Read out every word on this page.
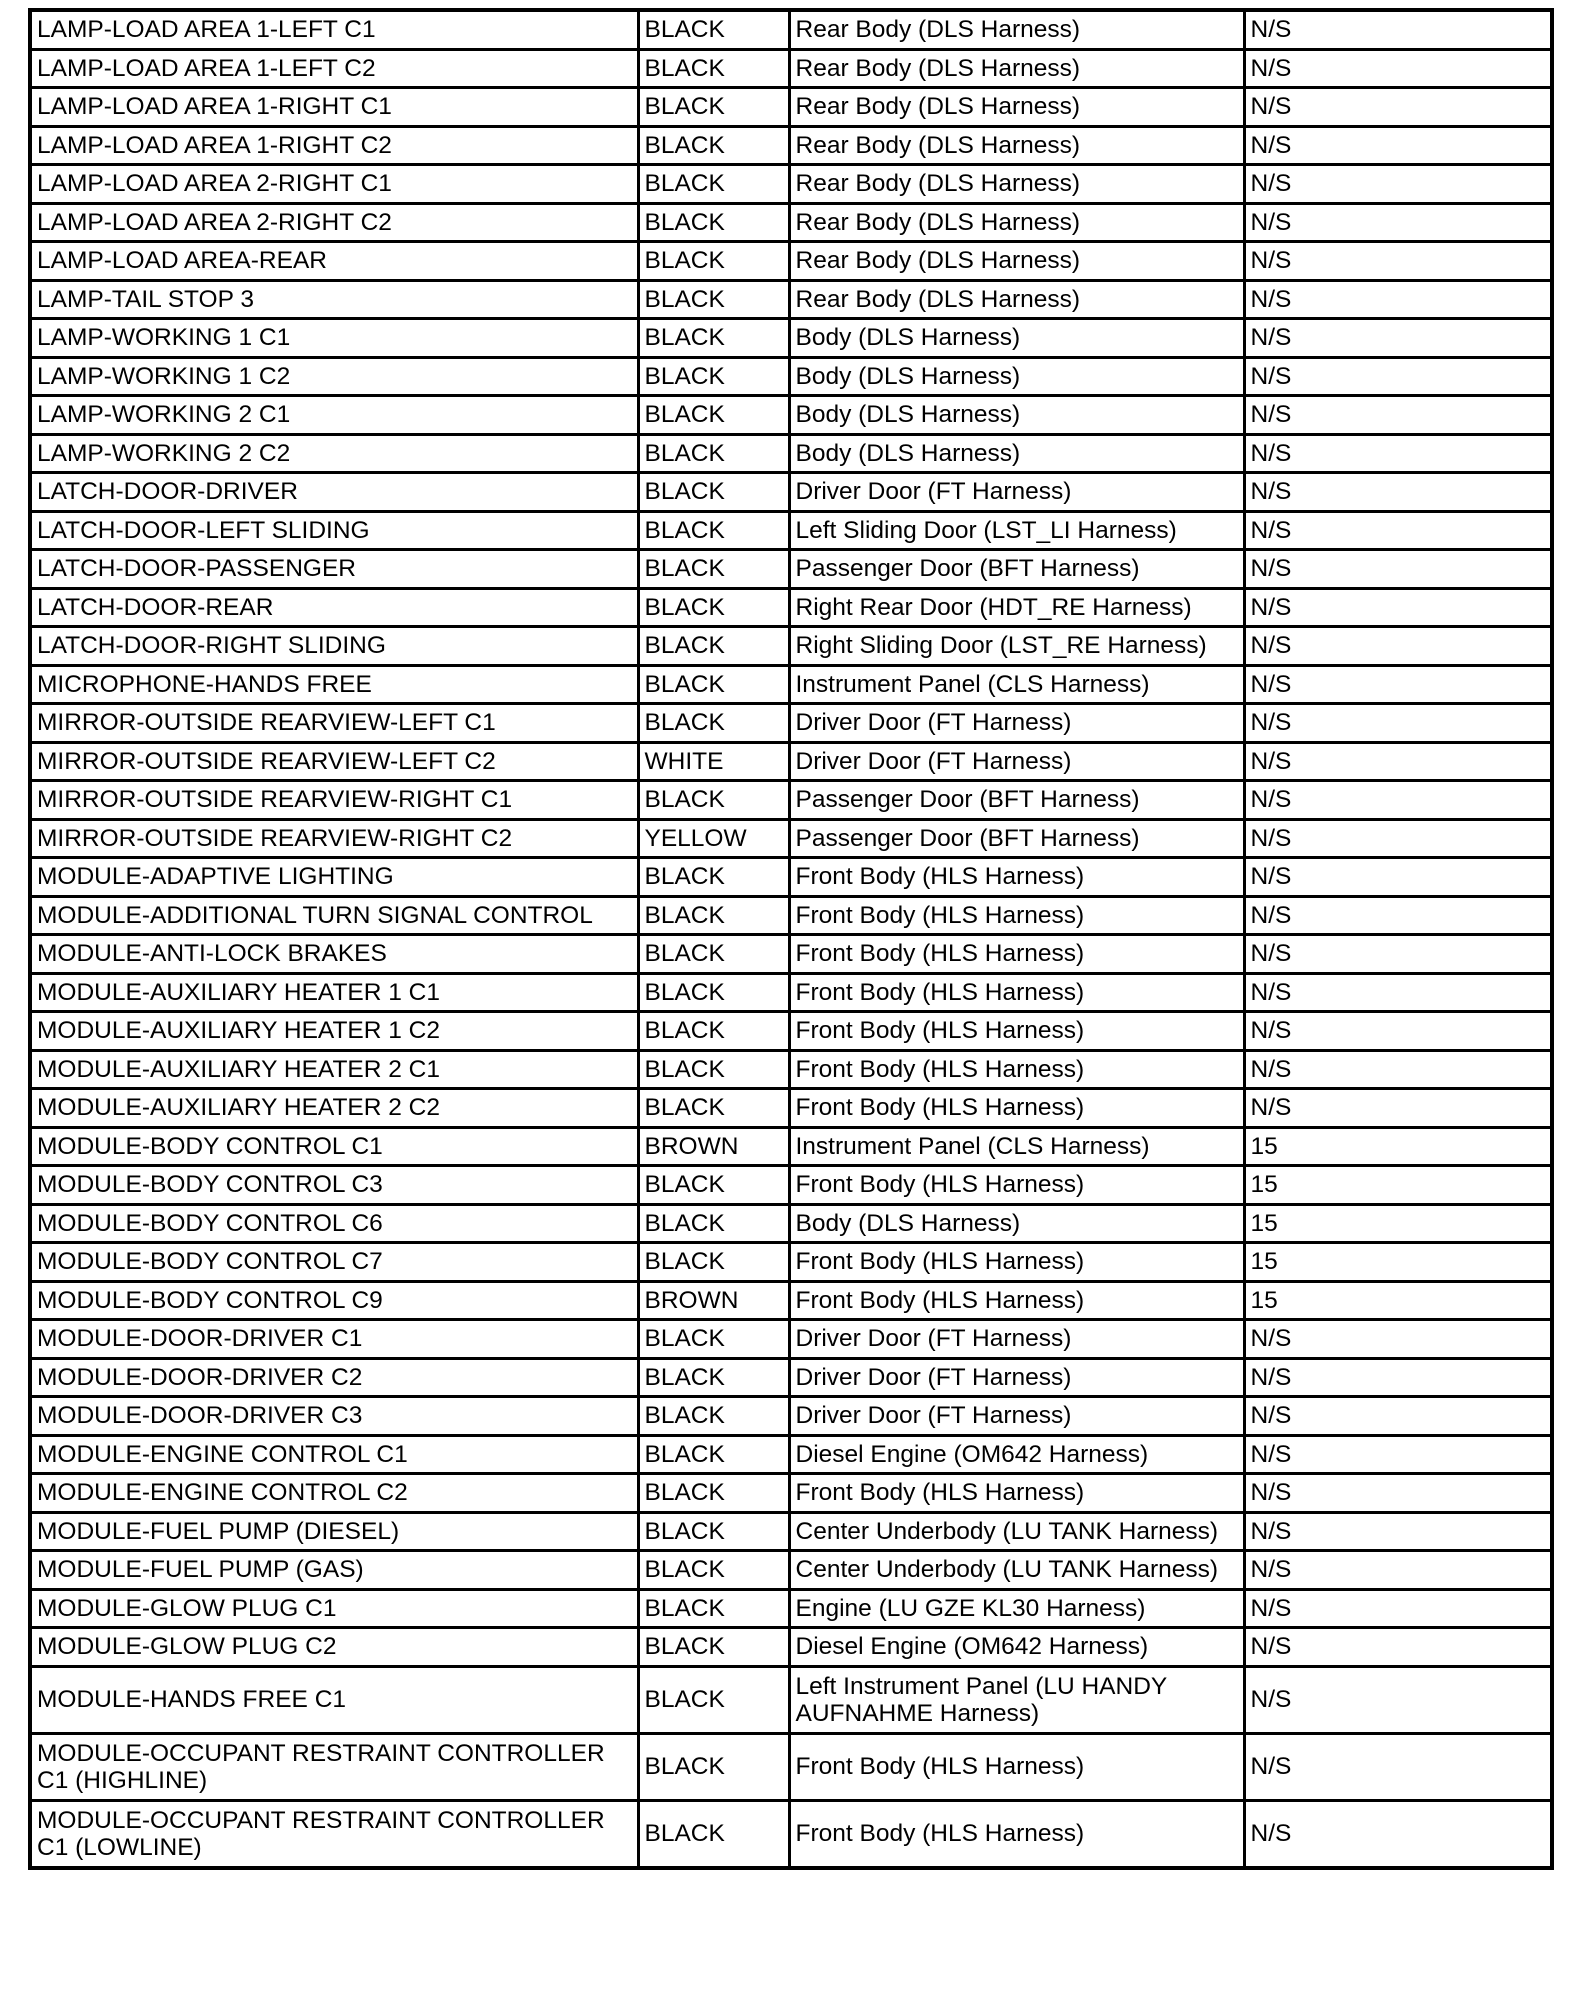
LAMP-LOAD AREA 1-LEFT C1	BLACK	Rear Body (DLS Harness)	N/S
LAMP-LOAD AREA 1-LEFT C2	BLACK	Rear Body (DLS Harness)	N/S
LAMP-LOAD AREA 1-RIGHT C1	BLACK	Rear Body (DLS Harness)	N/S
LAMP-LOAD AREA 1-RIGHT C2	BLACK	Rear Body (DLS Harness)	N/S
LAMP-LOAD AREA 2-RIGHT C1	BLACK	Rear Body (DLS Harness)	N/S
LAMP-LOAD AREA 2-RIGHT C2	BLACK	Rear Body (DLS Harness)	N/S
LAMP-LOAD AREA-REAR	BLACK	Rear Body (DLS Harness)	N/S
LAMP-TAIL STOP 3	BLACK	Rear Body (DLS Harness)	N/S
LAMP-WORKING 1 C1	BLACK	Body (DLS Harness)	N/S
LAMP-WORKING 1 C2	BLACK	Body (DLS Harness)	N/S
LAMP-WORKING 2 C1	BLACK	Body (DLS Harness)	N/S
LAMP-WORKING 2 C2	BLACK	Body (DLS Harness)	N/S
LATCH-DOOR-DRIVER	BLACK	Driver Door (FT Harness)	N/S
LATCH-DOOR-LEFT SLIDING	BLACK	Left Sliding Door (LST_LI Harness)	N/S
LATCH-DOOR-PASSENGER	BLACK	Passenger Door (BFT Harness)	N/S
LATCH-DOOR-REAR	BLACK	Right Rear Door (HDT_RE Harness)	N/S
LATCH-DOOR-RIGHT SLIDING	BLACK	Right Sliding Door (LST_RE Harness)	N/S
MICROPHONE-HANDS FREE	BLACK	Instrument Panel (CLS Harness)	N/S
MIRROR-OUTSIDE REARVIEW-LEFT C1	BLACK	Driver Door (FT Harness)	N/S
MIRROR-OUTSIDE REARVIEW-LEFT C2	WHITE	Driver Door (FT Harness)	N/S
MIRROR-OUTSIDE REARVIEW-RIGHT C1	BLACK	Passenger Door (BFT Harness)	N/S
MIRROR-OUTSIDE REARVIEW-RIGHT C2	YELLOW	Passenger Door (BFT Harness)	N/S
MODULE-ADAPTIVE LIGHTING	BLACK	Front Body (HLS Harness)	N/S
MODULE-ADDITIONAL TURN SIGNAL CONTROL	BLACK	Front Body (HLS Harness)	N/S
MODULE-ANTI-LOCK BRAKES	BLACK	Front Body (HLS Harness)	N/S
MODULE-AUXILIARY HEATER 1 C1	BLACK	Front Body (HLS Harness)	N/S
MODULE-AUXILIARY HEATER 1 C2	BLACK	Front Body (HLS Harness)	N/S
MODULE-AUXILIARY HEATER 2 C1	BLACK	Front Body (HLS Harness)	N/S
MODULE-AUXILIARY HEATER 2 C2	BLACK	Front Body (HLS Harness)	N/S
MODULE-BODY CONTROL C1	BROWN	Instrument Panel (CLS Harness)	15
MODULE-BODY CONTROL C3	BLACK	Front Body (HLS Harness)	15
MODULE-BODY CONTROL C6	BLACK	Body (DLS Harness)	15
MODULE-BODY CONTROL C7	BLACK	Front Body (HLS Harness)	15
MODULE-BODY CONTROL C9	BROWN	Front Body (HLS Harness)	15
MODULE-DOOR-DRIVER C1	BLACK	Driver Door (FT Harness)	N/S
MODULE-DOOR-DRIVER C2	BLACK	Driver Door (FT Harness)	N/S
MODULE-DOOR-DRIVER C3	BLACK	Driver Door (FT Harness)	N/S
MODULE-ENGINE CONTROL C1	BLACK	Diesel Engine (OM642 Harness)	N/S
MODULE-ENGINE CONTROL C2	BLACK	Front Body (HLS Harness)	N/S
MODULE-FUEL PUMP (DIESEL)	BLACK	Center Underbody (LU TANK Harness)	N/S
MODULE-FUEL PUMP (GAS)	BLACK	Center Underbody (LU TANK Harness)	N/S
MODULE-GLOW PLUG C1	BLACK	Engine (LU GZE KL30 Harness)	N/S
MODULE-GLOW PLUG C2	BLACK	Diesel Engine (OM642 Harness)	N/S
MODULE-HANDS FREE C1	BLACK	Left Instrument Panel (LU HANDY AUFNAHME Harness)	N/S
MODULE-OCCUPANT RESTRAINT CONTROLLER C1 (HIGHLINE)	BLACK	Front Body (HLS Harness)	N/S
MODULE-OCCUPANT RESTRAINT CONTROLLER C1 (LOWLINE)	BLACK	Front Body (HLS Harness)	N/S
